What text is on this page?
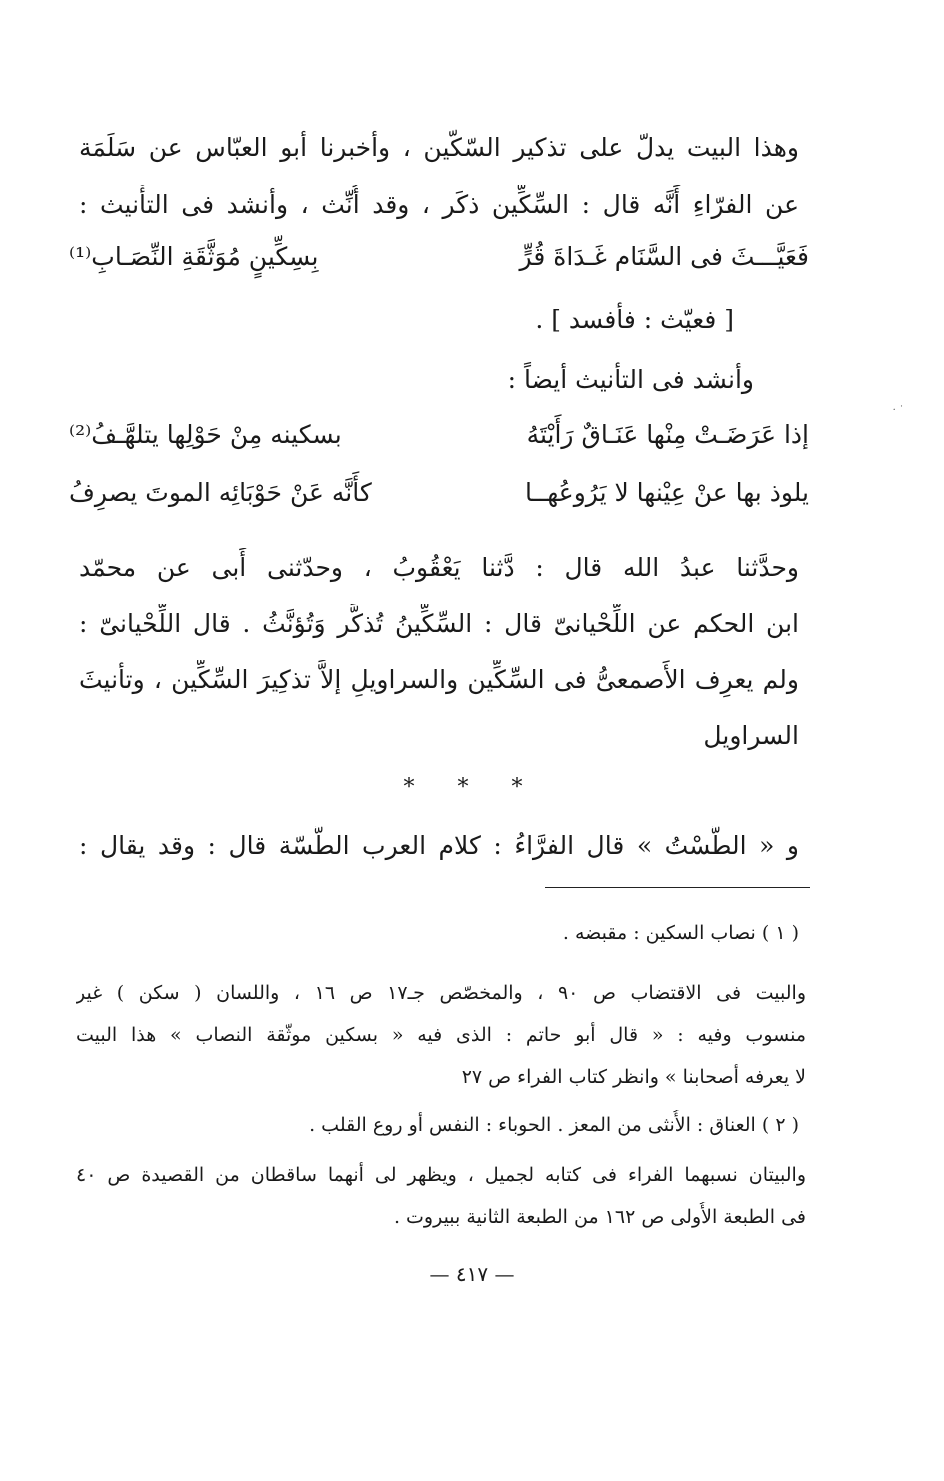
وهذا البيت يدلّ على تذكير السّكّين ، وأخبرنا أبو العبّاس عن سَلَمَة
عن الفرّاءِ أَنَّه قال : السِّكِّين ذكَر ، وقد أُنِّث ، وأنشد فى التأْنيث :
فَعَيَّـــثَ فى السَّنَام غَـدَاةَ قُرٍّ
بِسِكِّينٍ مُوَثَّقَةِ النِّصَـابِ⁽¹⁾
[ فعيّث : فأفسد ] .
وأنشد فى التأنيث أيضاً :
إذا عَرَضَـتْ مِنْها عَنَـاقٌ رَأَيْتَهُ
بسكينه مِنْ حَوْلِها يتلهَّـفُ⁽²⁾
يلوذ بها عنْ عِيْنها لا يَرُوعُهــا
كأَنَّه عَنْ حَوْبَائِه الموتَ يصرِفُ
وحدَّثنا عبدُ الله قال : دَّثنا يَعْقُوبُ ، وحدّثنى أَبى عن محمّد
ابن الحكم عن اللِّحْيانىّ قال : السِّكِّينُ تُذكَّر وَتُؤنَّثُ . قال اللِّحْيانىّ :
ولم يعرِف الأَصمعىُّ فى السِّكِّين والسراويلِ إلاَّ تذكِيرَ السِّكِّين ، وتأنيثَ
السراويل
* * *
و « الطَّسْتُ » قال الفرَّاءُ : كلام العرب الطَّسّة قال : وقد يقال :
( ١ ) نصاب السكين : مقبضه .
والبيت فى الاقتضاب ص ٩٠ ، والمخصّص جـ١٧ ص ١٦ ، واللسان ( سكن ) غير
منسوب وفيه : « قال أبو حاتم : الذى فيه « بسكين موثّقة النصاب » هذا البيت
لا يعرفه أصحابنا » وانظر كتاب الفراء ص ٢٧
( ٢ ) العناق : الأُنثى من المعز . الحوباء : النفس أو روع القلب .
والبيتان نسبهما الفراء فى كتابه لجميل ، ويظهر لى أنهما ساقطان من القصيدة ص ٤٠
فى الطبعة الأُولى ص ١٦٢ من الطبعة الثانية ببيروت .
— ٤١٧ —
· ˙
